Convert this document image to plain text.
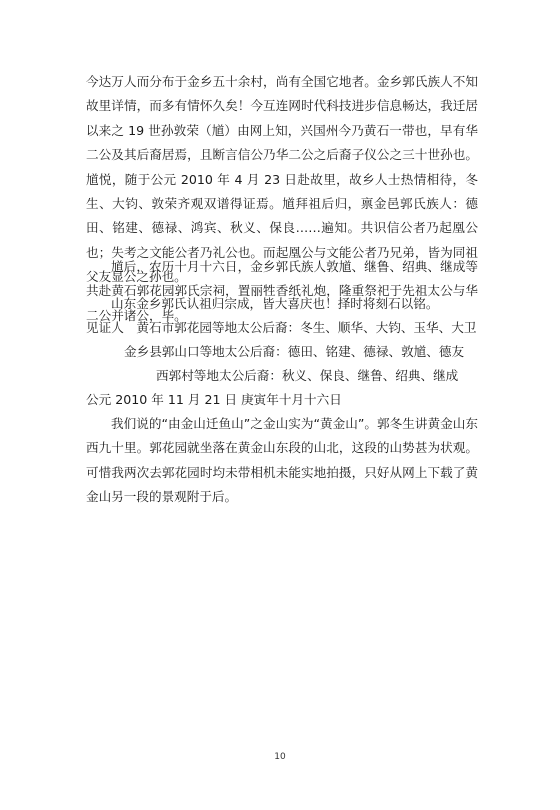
今达万人而分布于金乡五十余村，尚有全国它地者。金乡郭氏族人不知故里详情，而多有情怀久矣！今互连网时代科技进步信息畅达，我迁居以来之 19 世孙敦荣（馗）由网上知，兴国州今乃黄石一带也，早有华二公及其后裔居焉，且断言信公乃华二公之后裔子仪公之三十世孙也。馗悦，随于公元 2010 年 4 月 23 日赴故里，故乡人士热情相待，冬生、大钧、敦荣齐观双谱得证焉。馗拜祖后归，禀金邑郭氏族人：德田、铭建、德禄、鸿宾、秋义、保良……遍知。共识信公者乃起凰公也；失考之文能公者乃礼公也。而起凰公与文能公者乃兄弟，皆为同祖父友显公之孙也。
馗后，农历十月十六日，金乡郭氏族人敦馗、继鲁、绍典、继成等共赴黄石郭花园郭氏宗祠，置丽牲香纸礼炮，隆重祭祀于先祖太公与华二公并诸公，毕。
山东金乡郭氏认祖归宗成，皆大喜庆也！择时将刻石以铭。
见证人　黄石市郭花园等地太公后裔：冬生、顺华、大钧、玉华、大卫
金乡县郭山口等地太公后裔：德田、铭建、德禄、敦馗、德友
西郭村等地太公后裔：秋义、保良、继鲁、绍典、继成
公元 2010 年 11 月 21 日 庚寅年十月十六日
我们说的“由金山迁鱼山”之金山实为“黄金山”。郭冬生讲黄金山东西九十里。郭花园就坐落在黄金山东段的山北，这段的山势甚为状观。可惜我两次去郭花园时均未带相机未能实地拍摄，只好从网上下载了黄金山另一段的景观附于后。
10
